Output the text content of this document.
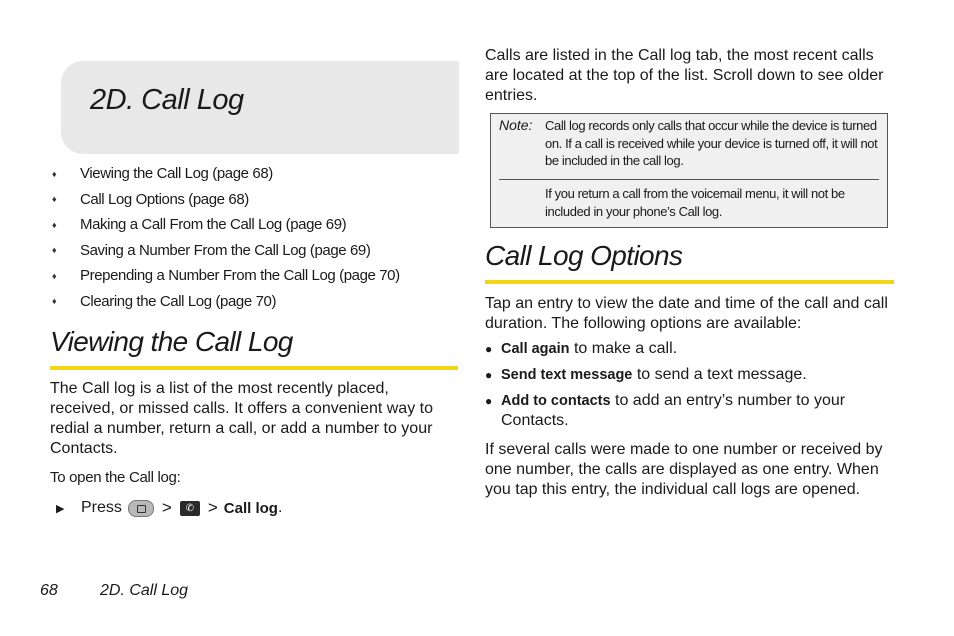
2D. Call Log
♦	Viewing the Call Log (page 68)
♦	Call Log Options (page 68)
♦	Making a Call From the Call Log (page 69)
♦	Saving a Number From the Call Log (page 69)
♦	Prepending a Number From the Call Log (page 70)
♦	Clearing the Call Log (page 70)
Viewing the Call Log

The Call log is a list of the most recently placed, received, or missed calls. It offers a convenient way to redial a number, return a call, or add a number to your Contacts.

To open the Call log:
▶	Press >	✆ > Call log .

Calls are listed in the Call log tab, the most recent calls are located at the top of the list. Scroll down to see older entries.

Note: Call log records only calls that occur while the device is turned on. If a call is received while your device is turned off, it will not be included in the call log.

If you return a call from the voicemail menu, it will not be included in your phone’s Call log.

Call Log Options

Tap an entry to view the date and time of the call and call duration. The following options are available:

● Call again to make a call.
● Send text message to send a text message.
● Add to contacts to add an entry’s number to your Contacts.

If several calls were made to one number or received by one number, the calls are displayed as one entry. When you tap this entry, the individual call logs are opened.

68	2D. Call Log
